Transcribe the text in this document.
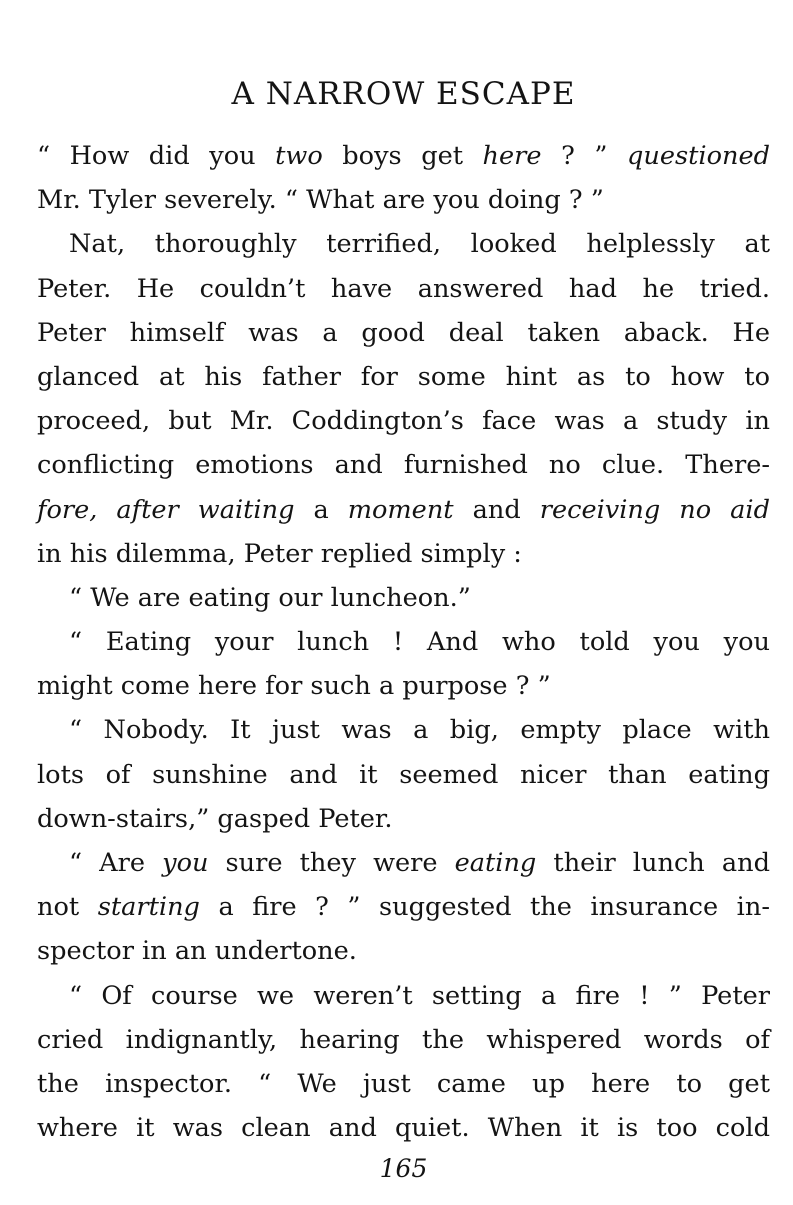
A NARROW ESCAPE
“ How did you two boys get here ? ” questioned
Mr. Tyler severely. “ What are you doing ? ”
Nat, thoroughly terrified, looked helplessly at
Peter. He couldn’t have answered had he tried.
Peter himself was a good deal taken aback. He
glanced at his father for some hint as to how to
proceed, but Mr. Coddington’s face was a study in
conflicting emotions and furnished no clue. There-
fore, after waiting a moment and receiving no aid
in his dilemma, Peter replied simply :
“ We are eating our luncheon.”
“ Eating your lunch ! And who told you you
might come here for such a purpose ? ”
“ Nobody. It just was a big, empty place with
lots of sunshine and it seemed nicer than eating
down-stairs,” gasped Peter.
“ Are you sure they were eating their lunch and
not starting a fire ? ” suggested the insurance in-
spector in an undertone.
“ Of course we weren’t setting a fire ! ” Peter
cried indignantly, hearing the whispered words of
the inspector. “ We just came up here to get
where it was clean and quiet. When it is too cold
165
